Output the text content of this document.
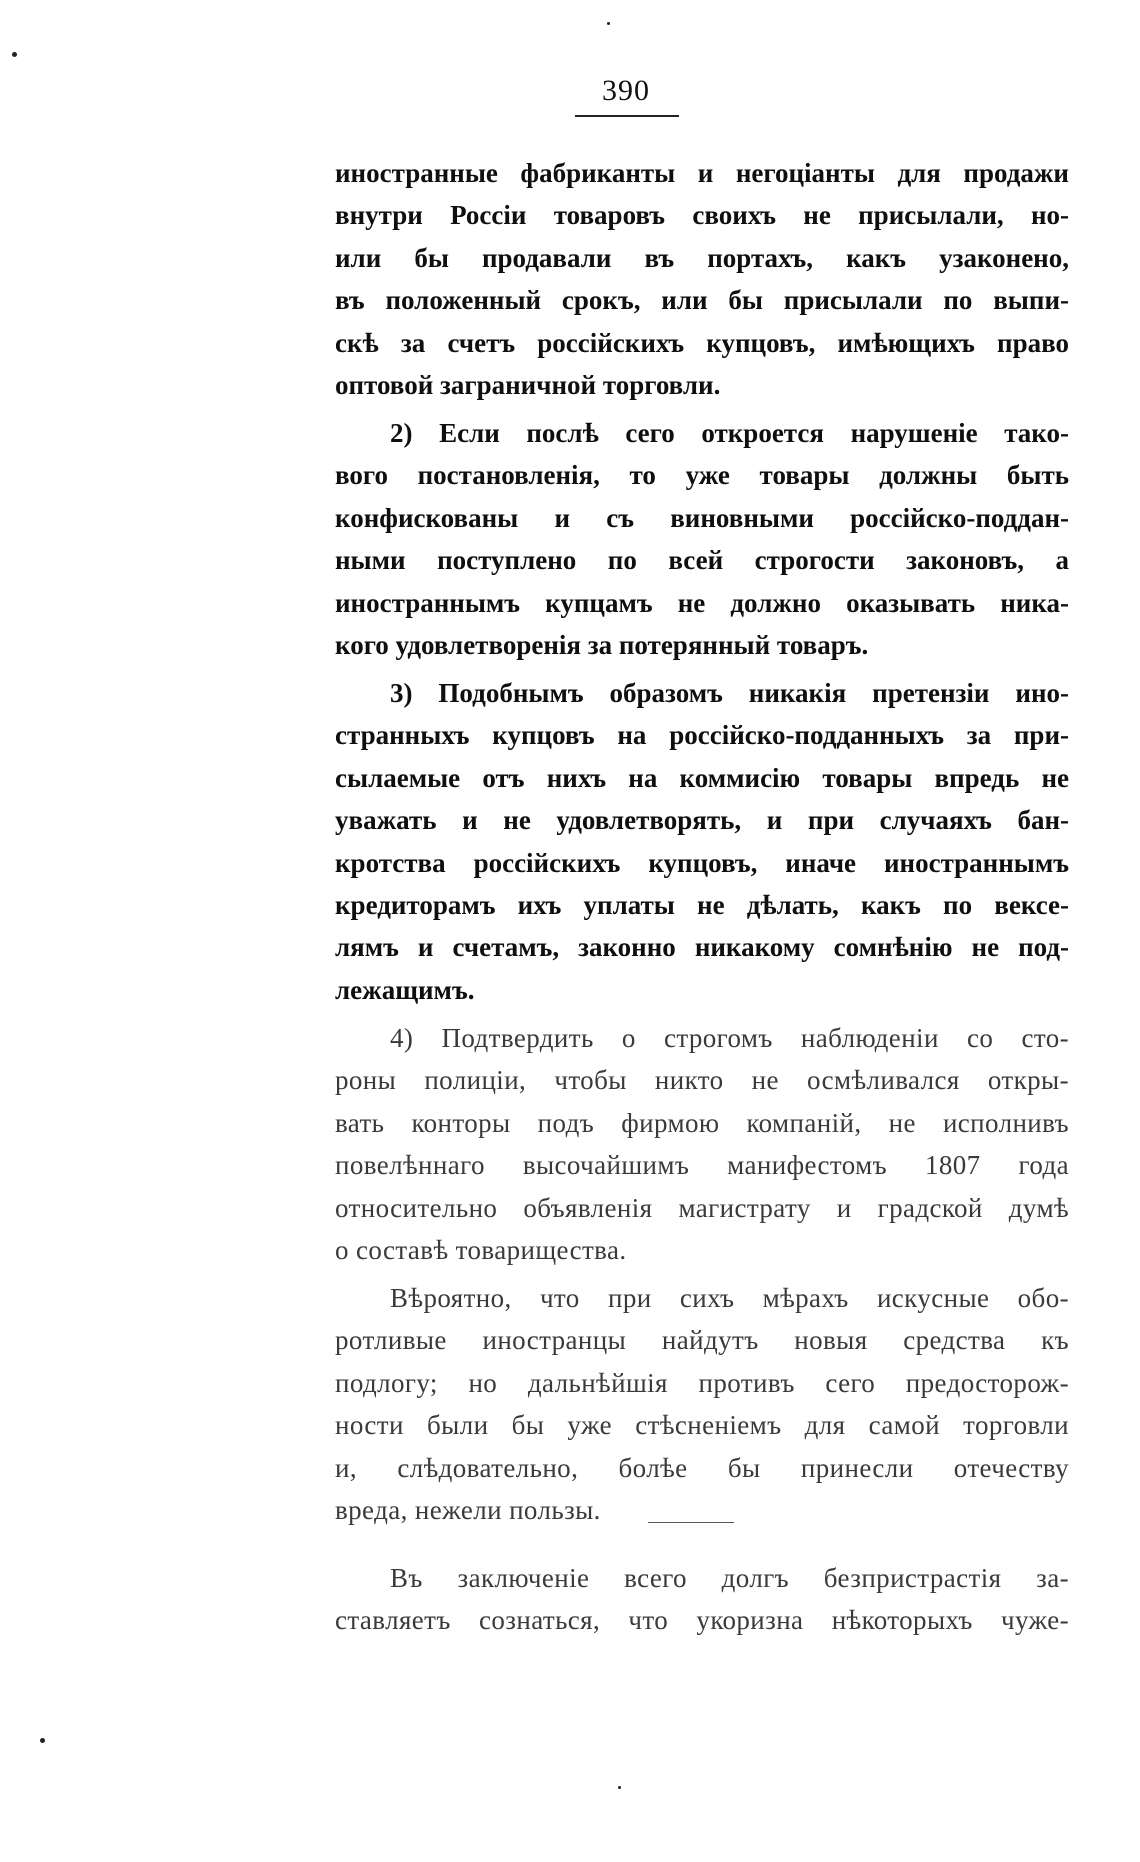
390
иностранные фабриканты и негоціанты для продажи
внутри Россіи товаровъ своихъ не присылали, но-
или бы продавали въ портахъ, какъ узаконено,
въ положенный срокъ, или бы присылали по выпи-
скѣ за счетъ россійскихъ купцовъ, имѣющихъ право
оптовой заграничной торговли.
2) Если послѣ сего откроется нарушеніе тако-
вого постановленія, то уже товары должны быть
конфискованы и съ виновными россійско-поддан-
ными поступлено по всей строгости законовъ, а
иностраннымъ купцамъ не должно оказывать ника-
кого удовлетворенія за потерянный товаръ.
3) Подобнымъ образомъ никакія претензіи ино-
странныхъ купцовъ на россійско-подданныхъ за при-
сылаемые отъ нихъ на коммисію товары впредь не
уважать и не удовлетворять, и при случаяхъ бан-
кротства россійскихъ купцовъ, иначе иностраннымъ
кредиторамъ ихъ уплаты не дѣлать, какъ по вексе-
лямъ и счетамъ, законно никакому сомнѣнію не под-
лежащимъ.
4) Подтвердить о строгомъ наблюденіи со сто-
роны полиціи, чтобы никто не осмѣливался откры-
вать конторы подъ фирмою компаній, не исполнивъ
повелѣннаго высочайшимъ манифестомъ 1807 года
относительно объявленія магистрату и градской думѣ
о составѣ товарищества.
Вѣроятно, что при сихъ мѣрахъ искусные обо-
ротливые иностранцы найдутъ новыя средства къ
подлогу; но дальнѣйшія противъ сего предосторож-
ности были бы уже стѣсненіемъ для самой торговли
и, слѣдовательно, болѣе бы принесли отечеству
вреда, нежели пользы.
Въ заключеніе всего долгъ безпристрастія за-
ставляетъ сознаться, что укоризна нѣкоторыхъ чуже-
